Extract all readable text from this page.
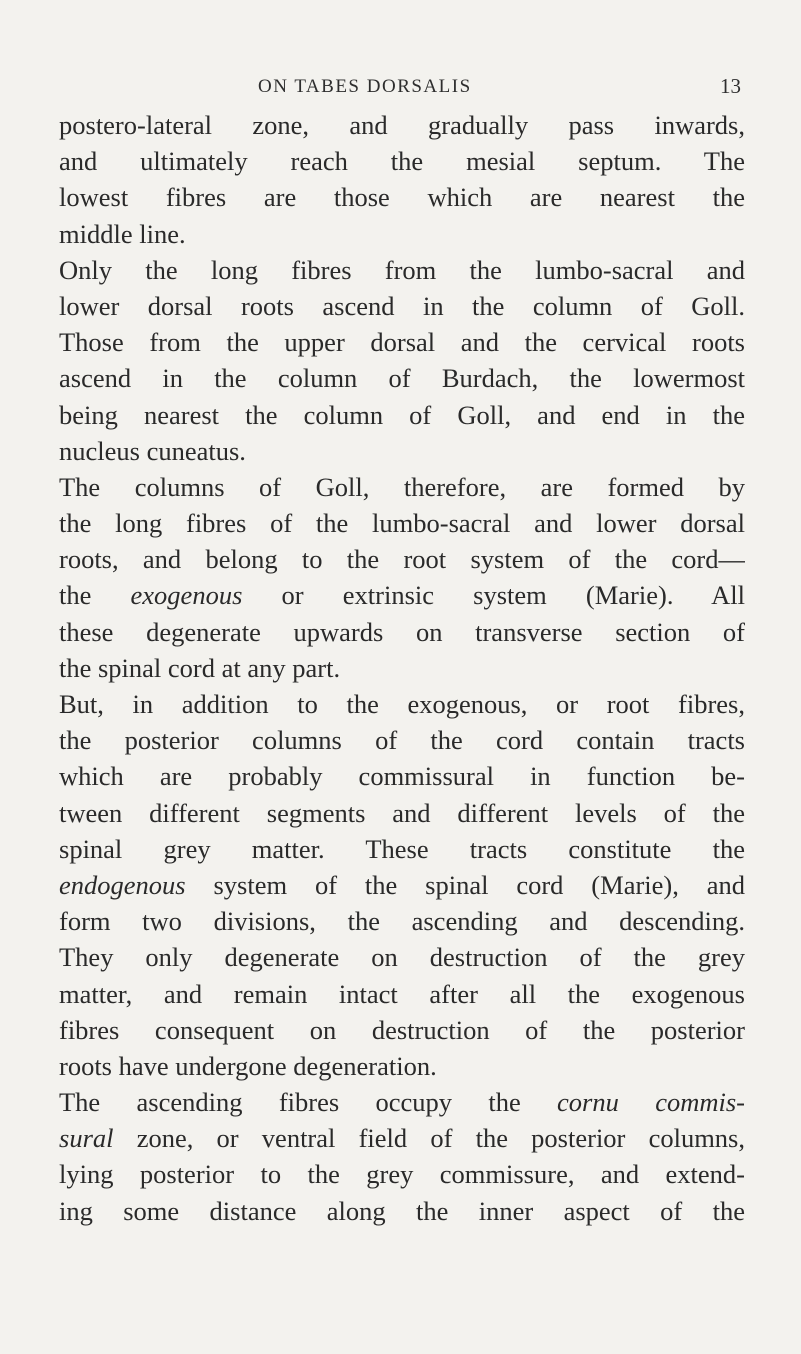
ON TABES DORSALIS	13
postero-lateral zone, and gradually pass inwards,
and ultimately reach the mesial septum. The
lowest fibres are those which are nearest the
middle line.
Only the long fibres from the lumbo-sacral and
lower dorsal roots ascend in the column of Goll.
Those from the upper dorsal and the cervical roots
ascend in the column of Burdach, the lowermost
being nearest the column of Goll, and end in the
nucleus cuneatus.
The columns of Goll, therefore, are formed by
the long fibres of the lumbo-sacral and lower dorsal
roots, and belong to the root system of the cord—
the exogenous or extrinsic system (Marie). All
these degenerate upwards on transverse section of
the spinal cord at any part.
But, in addition to the exogenous, or root fibres,
the posterior columns of the cord contain tracts
which are probably commissural in function be-
tween different segments and different levels of the
spinal grey matter. These tracts constitute the
endogenous system of the spinal cord (Marie), and
form two divisions, the ascending and descending.
They only degenerate on destruction of the grey
matter, and remain intact after all the exogenous
fibres consequent on destruction of the posterior
roots have undergone degeneration.
The ascending fibres occupy the cornu commis-
sural zone, or ventral field of the posterior columns,
lying posterior to the grey commissure, and extend-
ing some distance along the inner aspect of the
